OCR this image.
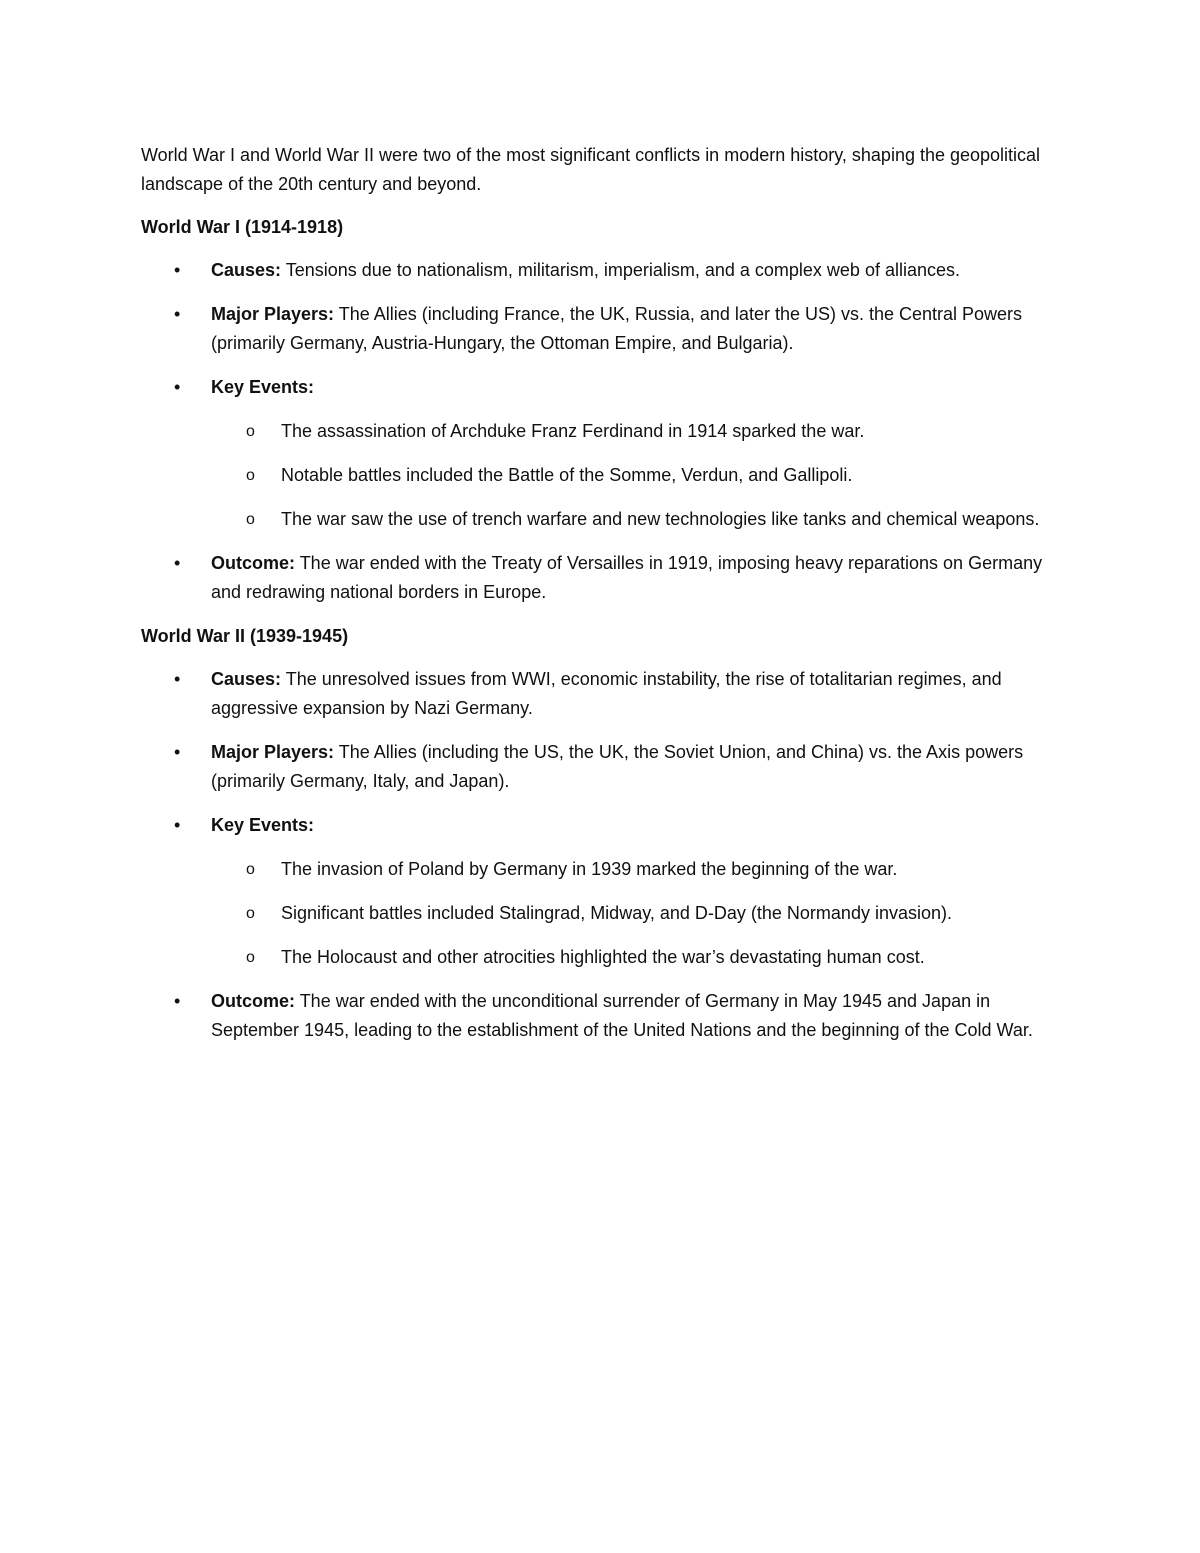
World War I and World War II were two of the most significant conflicts in modern history, shaping the geopolitical landscape of the 20th century and beyond.

World War I (1914-1918)

• Causes: Tensions due to nationalism, militarism, imperialism, and a complex web of alliances.
• Major Players: The Allies (including France, the UK, Russia, and later the US) vs. the Central Powers (primarily Germany, Austria-Hungary, the Ottoman Empire, and Bulgaria).
• Key Events:
o The assassination of Archduke Franz Ferdinand in 1914 sparked the war.
o Notable battles included the Battle of the Somme, Verdun, and Gallipoli.
o The war saw the use of trench warfare and new technologies like tanks and chemical weapons.
• Outcome: The war ended with the Treaty of Versailles in 1919, imposing heavy reparations on Germany and redrawing national borders in Europe.

World War II (1939-1945)

• Causes: The unresolved issues from WWI, economic instability, the rise of totalitarian regimes, and aggressive expansion by Nazi Germany.
• Major Players: The Allies (including the US, the UK, the Soviet Union, and China) vs. the Axis powers (primarily Germany, Italy, and Japan).
• Key Events:
o The invasion of Poland by Germany in 1939 marked the beginning of the war.
o Significant battles included Stalingrad, Midway, and D-Day (the Normandy invasion).
o The Holocaust and other atrocities highlighted the war’s devastating human cost.
• Outcome: The war ended with the unconditional surrender of Germany in May 1945 and Japan in September 1945, leading to the establishment of the United Nations and the beginning of the Cold War.
